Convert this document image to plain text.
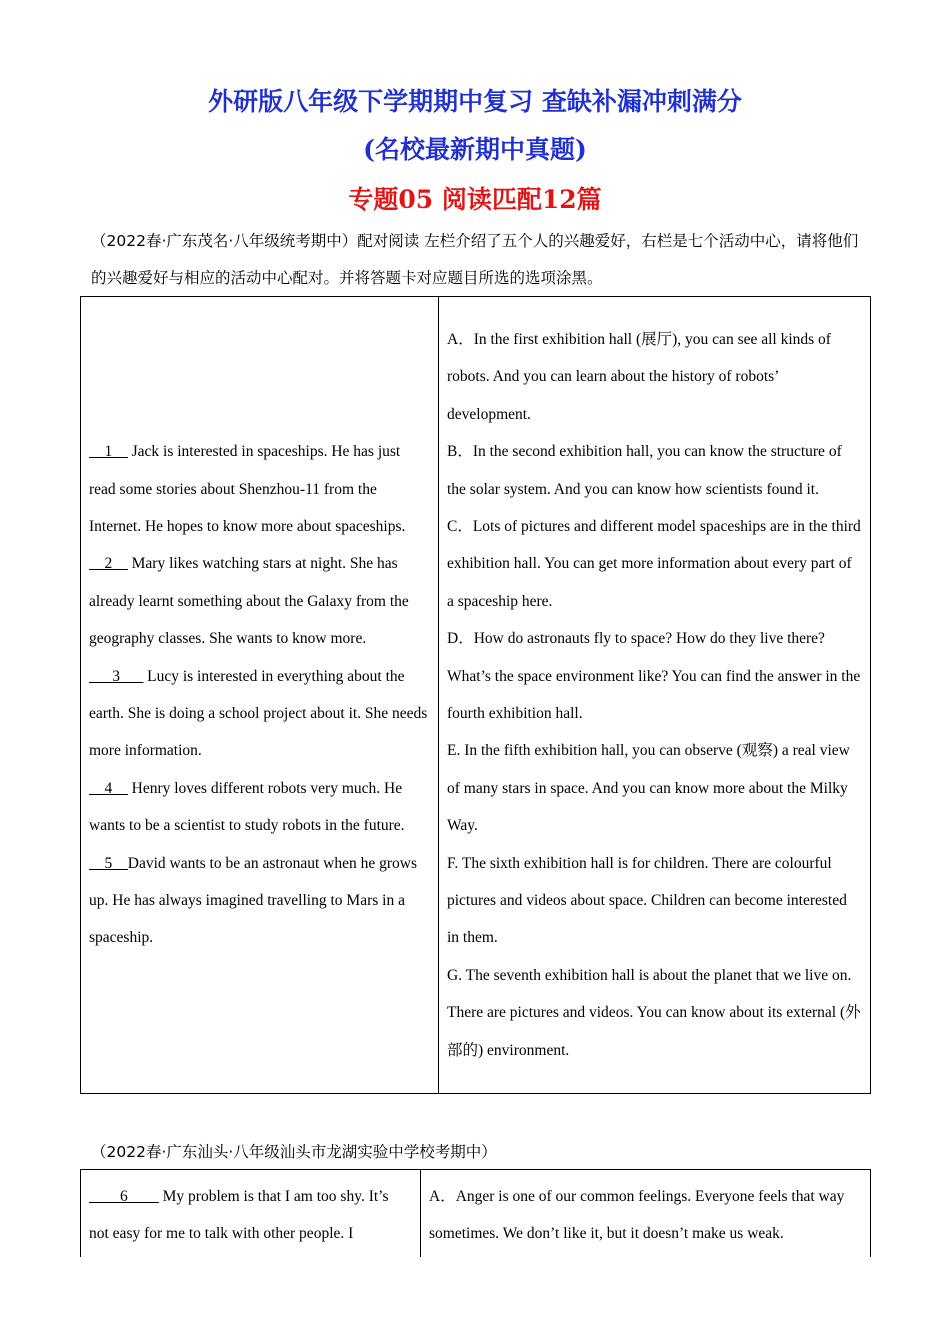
外研版八年级下学期期中复习 查缺补漏冲刺满分
(名校最新期中真题)
专题05 阅读匹配12篇
（2022春·广东茂名·八年级统考期中）配对阅读 左栏介绍了五个人的兴趣爱好，右栏是七个活动中心，请将他们的兴趣爱好与相应的活动中心配对。并将答题卡对应题目所选的选项涂黑。
__1__ Jack is interested in spaceships. He has just read some stories about Shenzhou-11 from the Internet. He hopes to know more about spaceships.
__2__ Mary likes watching stars at night. She has already learnt something about the Galaxy from the geography classes. She wants to know more.
___3___ Lucy is interested in everything about the earth. She is doing a school project about it. She needs more information.
__4__ Henry loves different robots very much. He wants to be a scientist to study robots in the future.
__5__David wants to be an astronaut when he grows up. He has always imagined travelling to Mars in a spaceship.

A．In the first exhibition hall (展厅), you can see all kinds of robots. And you can learn about the history of robots’ development.
B．In the second exhibition hall, you can know the structure of the solar system. And you can know how scientists found it.
C．Lots of pictures and different model spaceships are in the third exhibition hall. You can get more information about every part of a spaceship here.
D．How do astronauts fly to space? How do they live there? What’s the space environment like? You can find the answer in the fourth exhibition hall.
E. In the fifth exhibition hall, you can observe (观察) a real view of many stars in space. And you can know more about the Milky Way.
F. The sixth exhibition hall is for children. There are colourful pictures and videos about space. Children can become interested in them.
G. The seventh exhibition hall is about the planet that we live on. There are pictures and videos. You can know about its external (外部的) environment.
（2022春·广东汕头·八年级汕头市龙湖实验中学校考期中）
____6____ My problem is that I am too shy. It’s not easy for me to talk with other people. I	A．Anger is one of our common feelings. Everyone feels that way sometimes. We don’t like it, but it doesn’t make us weak.
